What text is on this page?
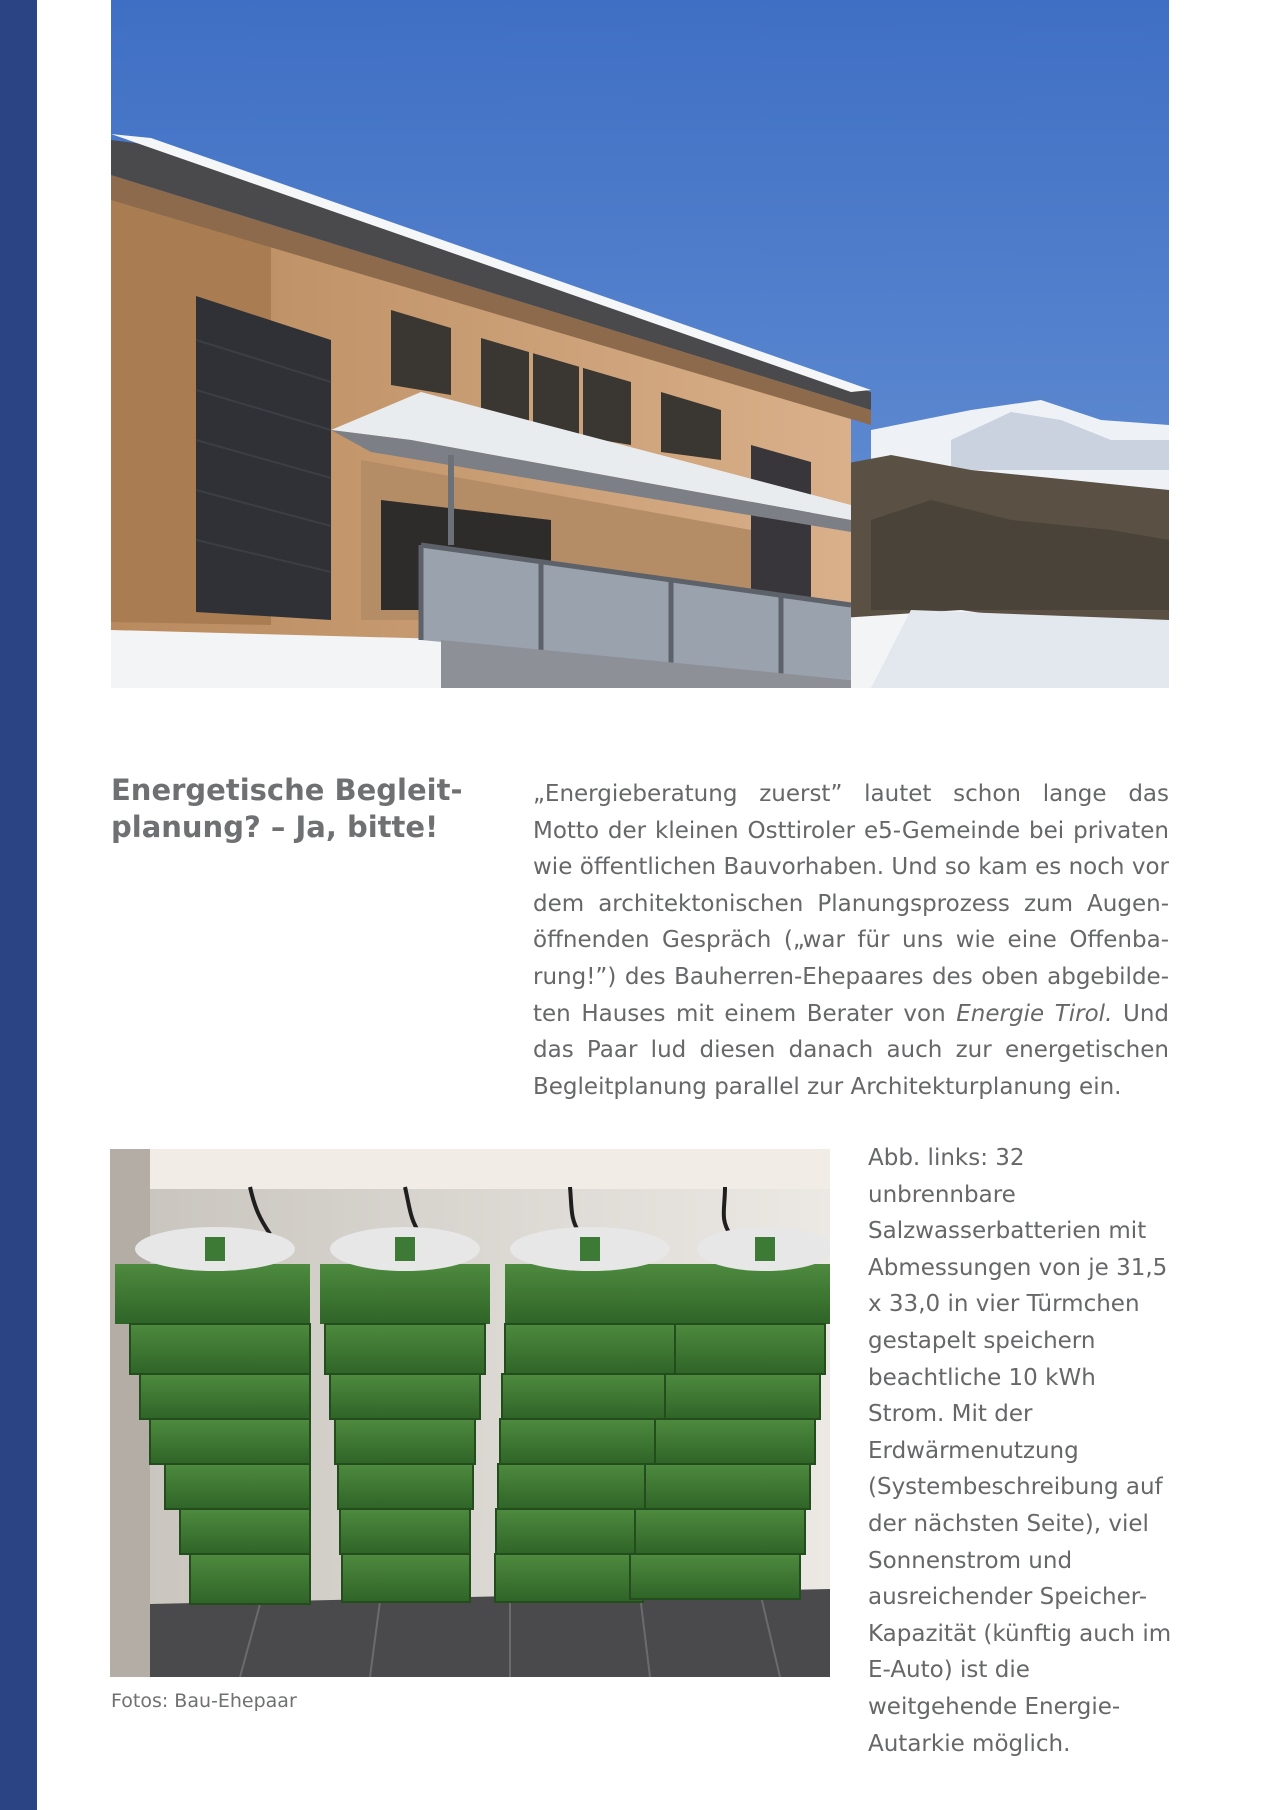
Energetische Begleit-planung? – Ja, bitte!

„Energieberatung zuerst” lautet schon lange das Motto der kleinen Osttiroler e5-Gemeinde bei privaten wie öffentlichen Bauvorhaben. Und so kam es noch vor dem architektonischen Planungsprozess zum Augen-öffnenden Gespräch („war für uns wie eine Offenba-rung!”) des Bauherren-Ehepaares des oben abgebilde-ten Hauses mit einem Berater von Energie Tirol. Und das Paar lud diesen danach auch zur energetischen Begleitplanung parallel zur Architekturplanung ein.

Abb. links: 32 unbrennbare Salzwasserbatterien mit Abmessungen von je 31,5 x 33,0 in vier Türmchen gestapelt speichern beachtliche 10 kWh Strom. Mit der Erdwärmenutzung (Systembeschreibung auf der nächsten Seite), viel Sonnenstrom und ausreichender Speicher-Kapazität (künftig auch im E-Auto) ist die weitgehende Energie-Autarkie möglich.

Fotos: Bau-Ehepaar
